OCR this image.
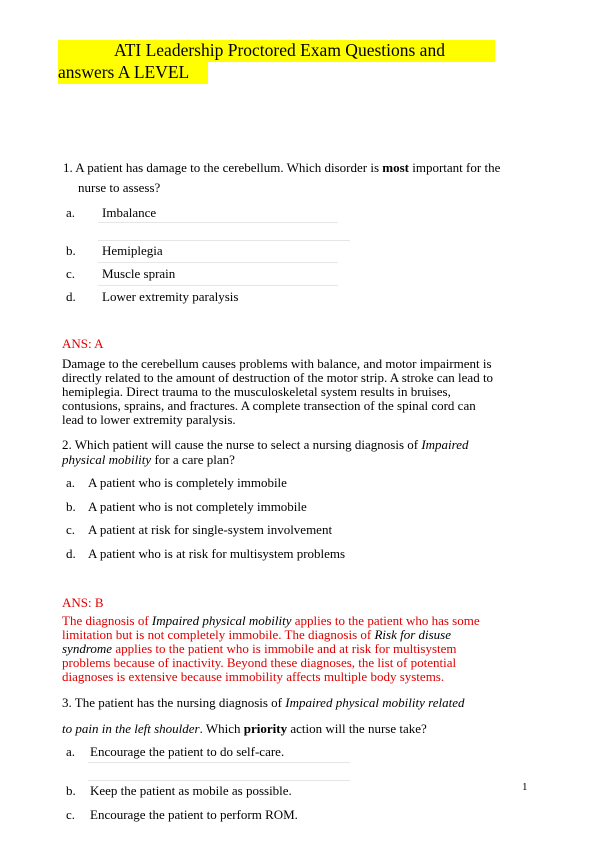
ATI Leadership Proctored Exam Questions and
answers A LEVEL
1. A patient has damage to the cerebellum. Which disorder is most important for the
nurse to assess?
a. Imbalance
b. Hemiplegia
c. Muscle sprain
d. Lower extremity paralysis
ANS: A
Damage to the cerebellum causes problems with balance, and motor impairment is
directly related to the amount of destruction of the motor strip. A stroke can lead to
hemiplegia. Direct trauma to the musculoskeletal system results in bruises,
contusions, sprains, and fractures. A complete transection of the spinal cord can
lead to lower extremity paralysis.
2. Which patient will cause the nurse to select a nursing diagnosis of Impaired
physical mobility for a care plan?
a. A patient who is completely immobile
b. A patient who is not completely immobile
c. A patient at risk for single-system involvement
d. A patient who is at risk for multisystem problems
ANS: B
The diagnosis of Impaired physical mobility applies to the patient who has some
limitation but is not completely immobile. The diagnosis of Risk for disuse
syndrome applies to the patient who is immobile and at risk for multisystem
problems because of inactivity. Beyond these diagnoses, the list of potential
diagnoses is extensive because immobility affects multiple body systems.
3. The patient has the nursing diagnosis of Impaired physical mobility related
to pain in the left shoulder. Which priority action will the nurse take?
a. Encourage the patient to do self-care.
b. Keep the patient as mobile as possible.
c. Encourage the patient to perform ROM.
1
